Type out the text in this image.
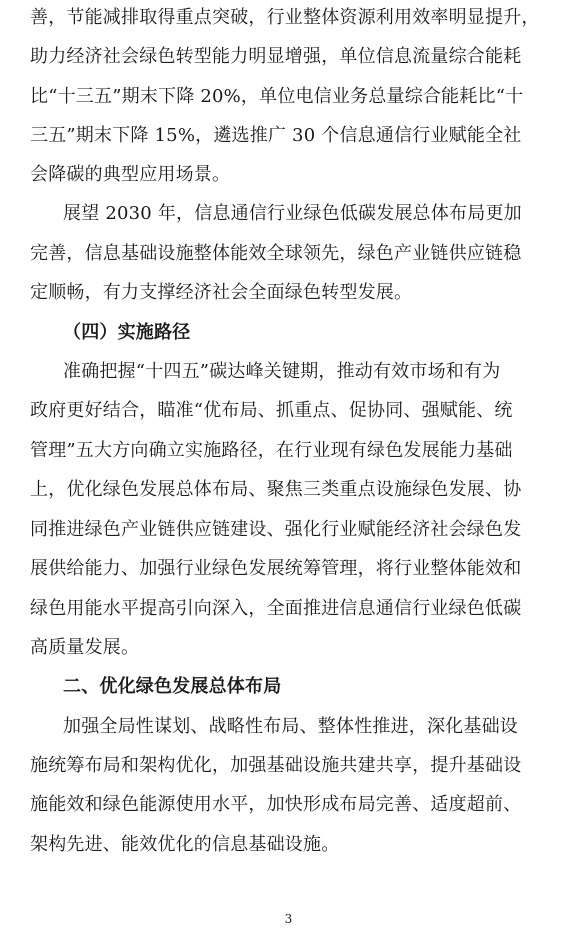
善，节能减排取得重点突破，行业整体资源利用效率明显提升，
助力经济社会绿色转型能力明显增强，单位信息流量综合能耗
比“十三五”期末下降 20%，单位电信业务总量综合能耗比“十
三五”期末下降 15%，遴选推广 30 个信息通信行业赋能全社
会降碳的典型应用场景。
展望 2030 年，信息通信行业绿色低碳发展总体布局更加
完善，信息基础设施整体能效全球领先，绿色产业链供应链稳
定顺畅，有力支撑经济社会全面绿色转型发展。
（四）实施路径
准确把握“十四五”碳达峰关键期，推动有效市场和有为
政府更好结合，瞄准“优布局、抓重点、促协同、强赋能、统
管理”五大方向确立实施路径，在行业现有绿色发展能力基础
上，优化绿色发展总体布局、聚焦三类重点设施绿色发展、协
同推进绿色产业链供应链建设、强化行业赋能经济社会绿色发
展供给能力、加强行业绿色发展统筹管理，将行业整体能效和
绿色用能水平提高引向深入，全面推进信息通信行业绿色低碳
高质量发展。
二、优化绿色发展总体布局
加强全局性谋划、战略性布局、整体性推进，深化基础设
施统筹布局和架构优化，加强基础设施共建共享，提升基础设
施能效和绿色能源使用水平，加快形成布局完善、适度超前、
架构先进、能效优化的信息基础设施。
3
